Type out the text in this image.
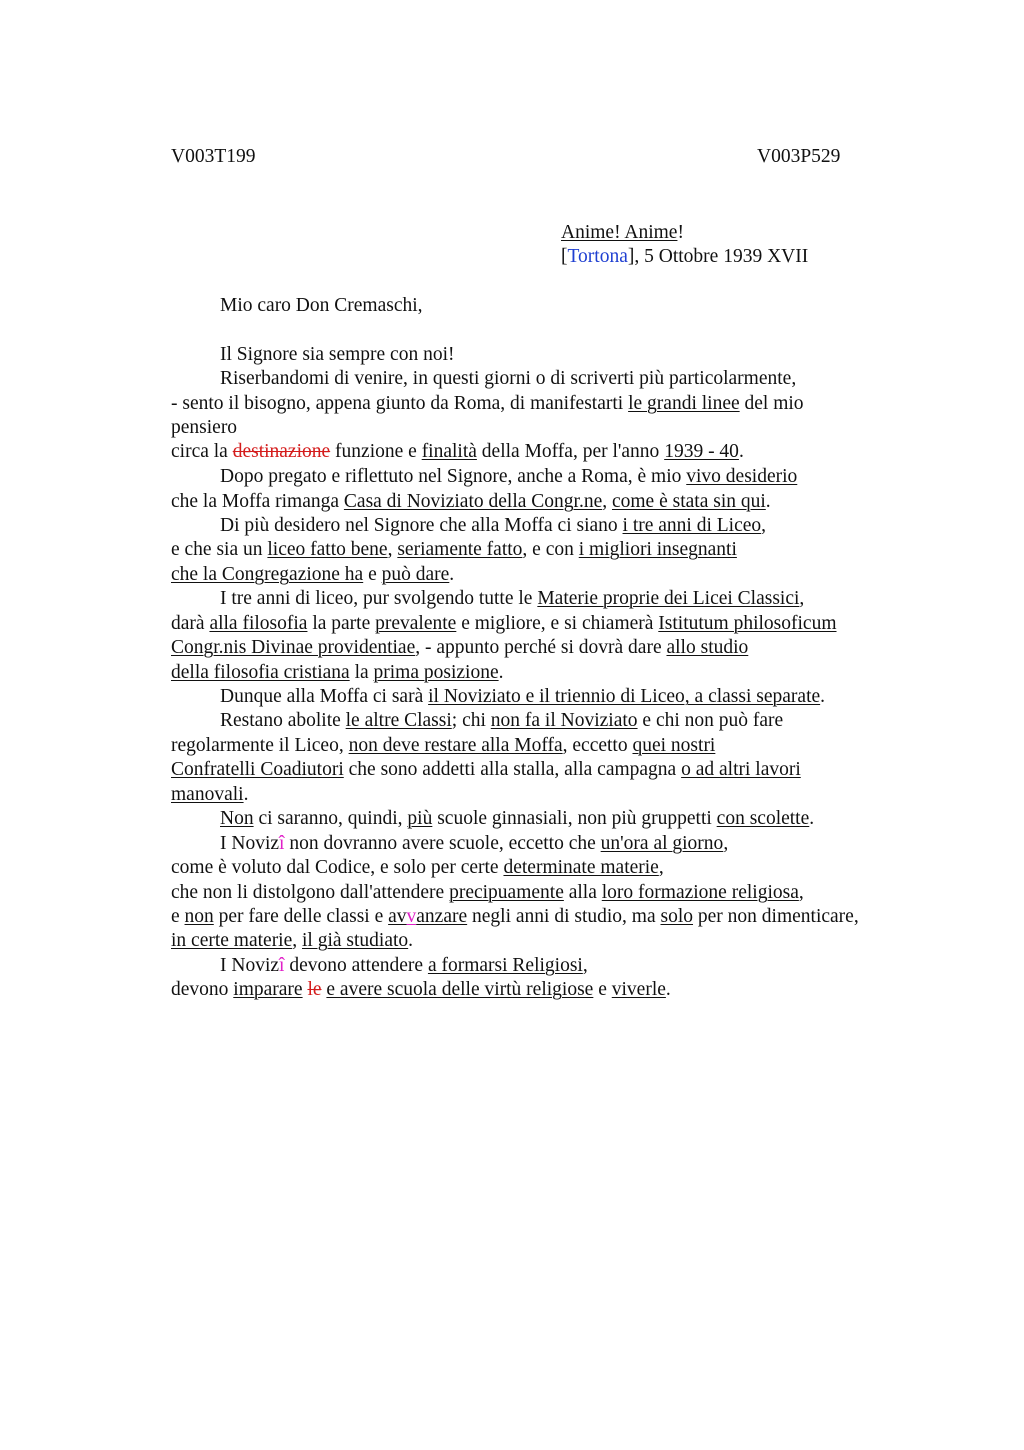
V003T199	V003P529
Anime! Anime!
[Tortona], 5 Ottobre 1939 XVII
Mio caro Don Cremaschi,
Il Signore sia sempre con noi!
Riserbandomi di venire, in questi giorni o di scriverti più particolarmente,
- sento il bisogno, appena giunto da Roma, di manifestarti le grandi linee del mio
pensiero
circa la destinazione funzione e finalità della Moffa, per l'anno 1939 - 40.
Dopo pregato e riflettuto nel Signore, anche a Roma, è mio vivo desiderio
che la Moffa rimanga Casa di Noviziato della Congr.ne, come è stata sin qui.
Di più desidero nel Signore che alla Moffa ci siano i tre anni di Liceo,
e che sia un liceo fatto bene, seriamente fatto, e con i migliori insegnanti
che la Congregazione ha e può dare.
I tre anni di liceo, pur svolgendo tutte le Materie proprie dei Licei Classici,
darà alla filosofia la parte prevalente e migliore, e si chiamerà Istitutum philosoficum
Congr.nis Divinae providentiae, - appunto perché si dovrà dare allo studio
della filosofia cristiana la prima posizione.
Dunque alla Moffa ci sarà il Noviziato e il triennio di Liceo, a classi separate.
Restano abolite le altre Classi; chi non fa il Noviziato e chi non può fare
regolarmente il Liceo, non deve restare alla Moffa, eccetto quei nostri
Confratelli Coadiutori che sono addetti alla stalla, alla campagna o ad altri lavori
manovali.
Non ci saranno, quindi, più scuole ginnasiali, non più gruppetti con scolette.
I Novizî non dovranno avere scuole, eccetto che un'ora al giorno,
come è voluto dal Codice, e solo per certe determinate materie,
che non li distolgono dall'attendere precipuamente alla loro formazione religiosa,
e non per fare delle classi e avvanzare negli anni di studio, ma solo per non dimenticare,
in certe materie, il già studiato.
I Novizî devono attendere a formarsi Religiosi,
devono imparare le e avere scuola delle virtù religiose e viverle.
